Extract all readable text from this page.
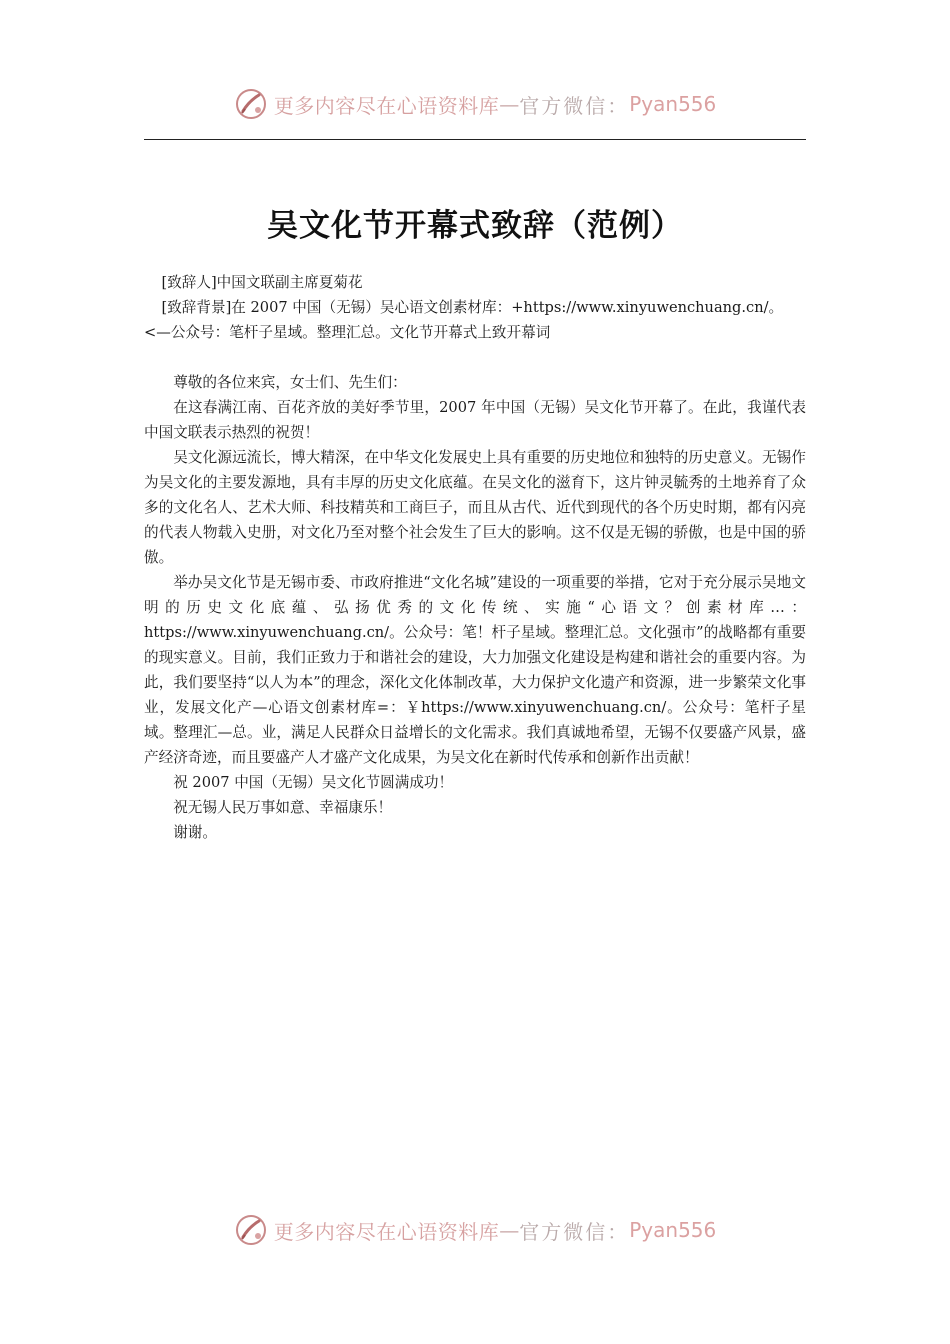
更多内容尽在心语资料库 — 官方微信： Pyan556
吴文化节开幕式致辞（范例）

[致辞人]中国文联副主席夏菊花

[致辞背景]在 2007 中国（无锡）吴心语文创素材库：+https://www.xinyuwenchuang.cn/。

<—公众号：笔杆子星域。整理汇总。文化节开幕式上致开幕词

尊敬的各位来宾，女士们、先生们：

在这春满江南、百花齐放的美好季节里，2007 年中国（无锡）吴文化节开幕了。在此，我谨代表中国文联表示热烈的祝贺！

吴文化源远流长，博大精深，在中华文化发展史上具有重要的历史地位和独特的历史意义。无锡作为吴文化的主要发源地，具有丰厚的历史文化底蕴。在吴文化的滋育下，这片钟灵毓秀的土地养育了众多的文化名人、艺术大师、科技精英和工商巨子，而且从古代、近代到现代的各个历史时期，都有闪亮的代表人物载入史册，对文化乃至对整个社会发生了巨大的影响。这不仅是无锡的骄傲，也是中国的骄傲。

举办吴文化节是无锡市委、市政府推进“文化名城”建设的一项重要的举措，它对于充分展示吴地文明的历史文化底蕴、弘扬优秀的文化传统、实施“心语文？创素材库…：https://www.xinyuwenchuang.cn/。公众号：笔！杆子星域。整理汇总。文化强市”的战略都有重要的现实意义。目前，我们正致力于和谐社会的建设，大力加强文化建设是构建和谐社会的重要内容。为此，我们要坚持“以人为本”的理念，深化文化体制改革，大力保护文化遗产和资源，进一步繁荣文化事业，发展文化产—心语文创素材库=：￥https://www.xinyuwenchuang.cn/。公众号：笔杆子星域。整理汇—总。业，满足人民群众日益增长的文化需求。我们真诚地希望，无锡不仅要盛产风景，盛产经济奇迹，而且要盛产人才盛产文化成果，为吴文化在新时代传承和创新作出贡献！

祝 2007 中国（无锡）吴文化节圆满成功！

祝无锡人民万事如意、幸福康乐！

谢谢。

更多内容尽在心语资料库 — 官方微信： Pyan556
